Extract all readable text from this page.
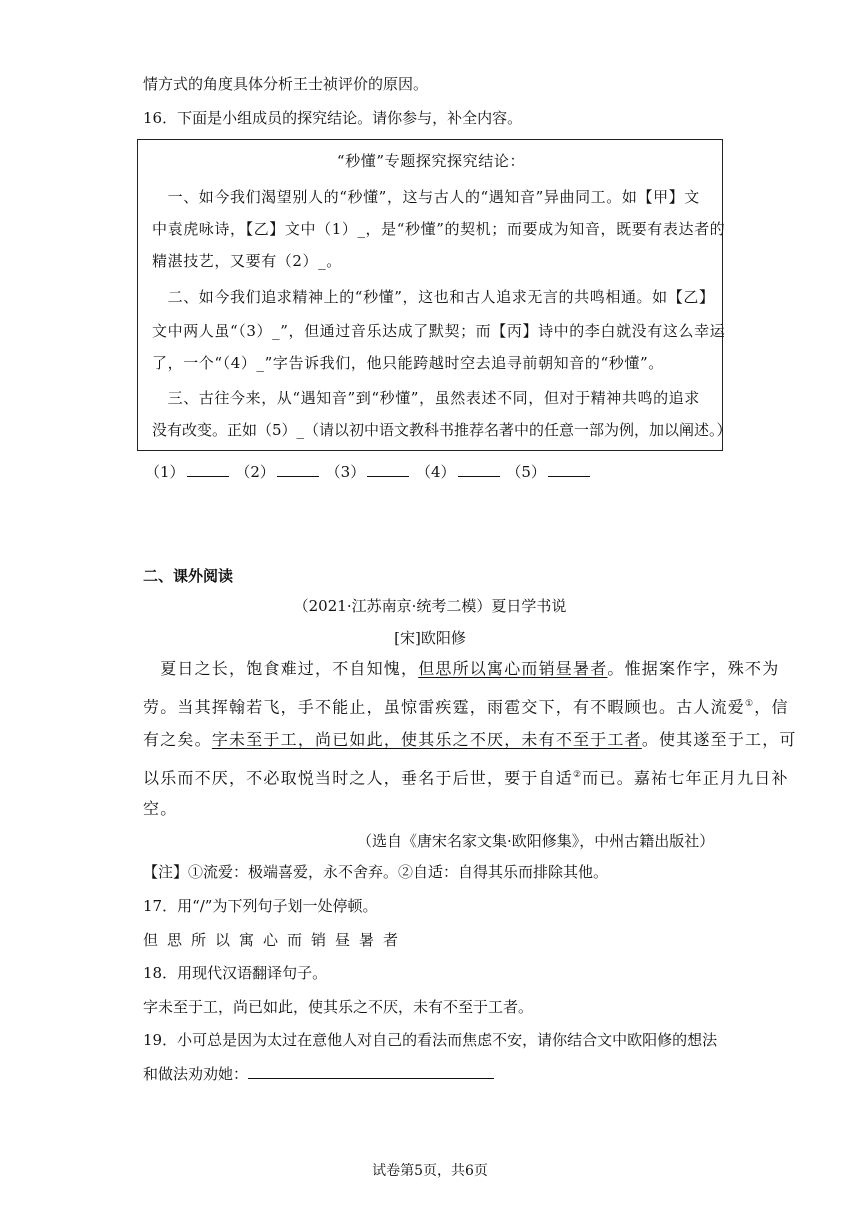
情方式的角度具体分析王士祯评价的原因。
16．下面是小组成员的探究结论。请你参与，补全内容。
“秒懂”专题探究探究结论：
　一、如今我们渴望别人的“秒懂”，这与古人的“遇知音”异曲同工。如【甲】文
中袁虎咏诗，【乙】文中（1）_，是“秒懂”的契机；而要成为知音，既要有表达者的
精湛技艺，又要有（2）_。
　二、如今我们追求精神上的“秒懂”，这也和古人追求无言的共鸣相通。如【乙】
文中两人虽“（3）_”，但通过音乐达成了默契；而【丙】诗中的李白就没有这么幸运
了，一个“（4）_”字告诉我们，他只能跨越时空去追寻前朝知音的“秒懂”。
　三、古往今来，从“遇知音”到“秒懂”，虽然表述不同，但对于精神共鸣的追求
没有改变。正如（5）_（请以初中语文教科书推荐名著中的任意一部为例，加以阐述。）
（1）	（2）	（3）	（4）	（5）
二、课外阅读
（2021·江苏南京·统考二模）夏日学书说
[宋]欧阳修
　夏日之长，饱食难过，不自知愧，但思所以寓心而销昼暑者。惟据案作字，殊不为
劳。当其挥翰若飞，手不能止，虽惊雷疾霆，雨雹交下，有不暇顾也。古人流爱①，信
有之矣。字未至于工，尚已如此，使其乐之不厌，未有不至于工者。使其遂至于工，可
以乐而不厌，不必取悦当时之人，垂名于后世，要于自适②而已。嘉祐七年正月九日补
空。
（选自《唐宋名家文集·欧阳修集》，中州古籍出版社）
【注】①流爱：极端喜爱，永不舍弃。②自适：自得其乐而排除其他。
17．用“/”为下列句子划一处停顿。
但思所以寓心而销昼暑者
18．用现代汉语翻译句子。
字未至于工，尚已如此，使其乐之不厌，未有不至于工者。
19．小可总是因为太过在意他人对自己的看法而焦虑不安，请你结合文中欧阳修的想法
和做法劝劝她：
试卷第5页，共6页
